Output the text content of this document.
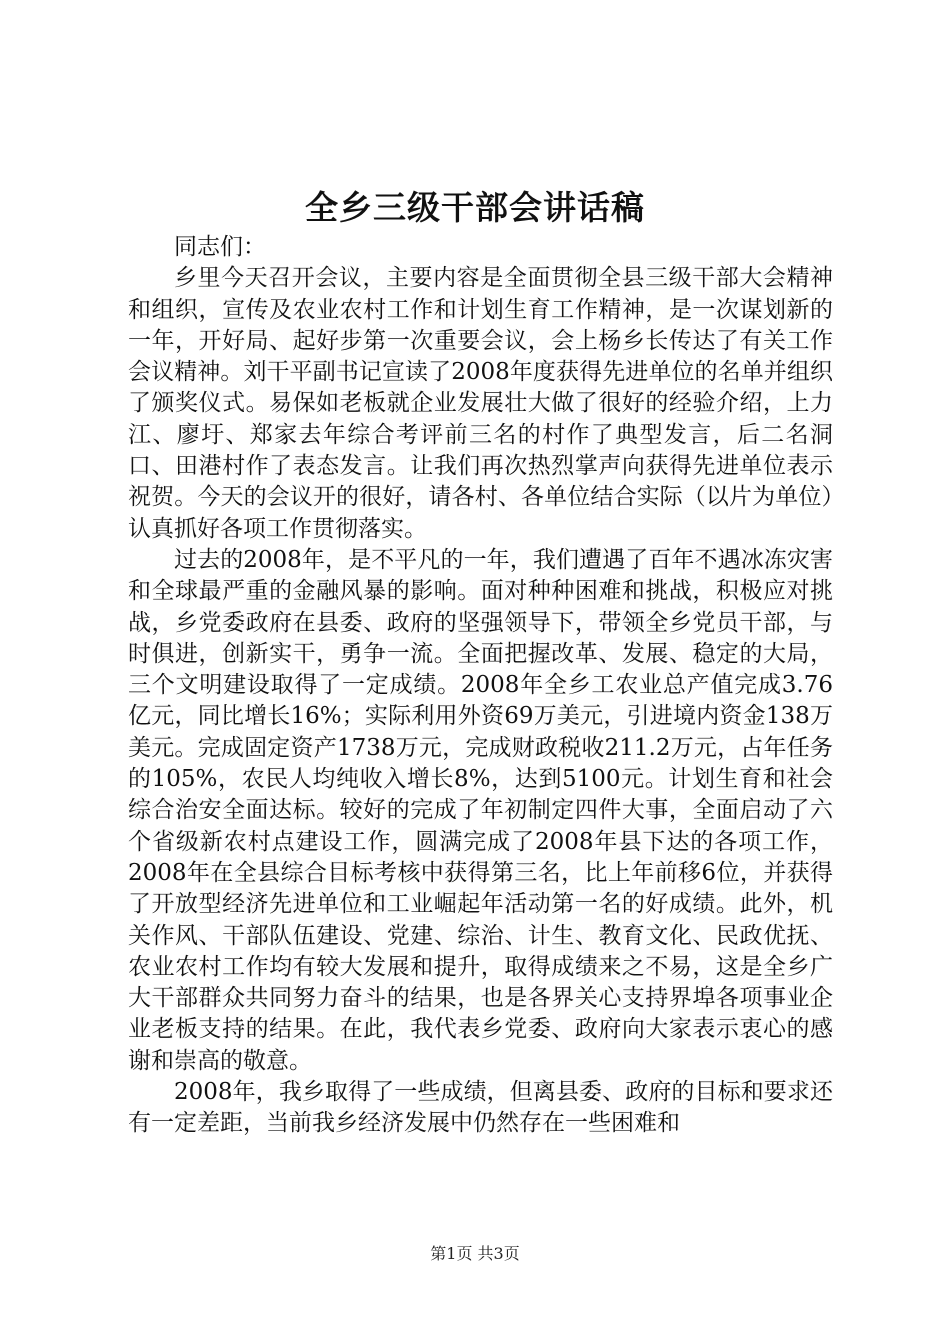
全乡三级干部会讲话稿

同志们：

乡里今天召开会议，主要内容是全面贯彻全县三级干部大会精神和组织，宣传及农业农村工作和计划生育工作精神，是一次谋划新的一年，开好局、起好步第一次重要会议，会上杨乡长传达了有关工作会议精神。刘干平副书记宣读了2008年度获得先进单位的名单并组织了颁奖仪式。易保如老板就企业发展壮大做了很好的经验介绍，上力江、廖圩、郑家去年综合考评前三名的村作了典型发言，后二名洞口、田港村作了表态发言。让我们再次热烈掌声向获得先进单位表示祝贺。今天的会议开的很好，请各村、各单位结合实际（以片为单位）认真抓好各项工作贯彻落实。

过去的2008年，是不平凡的一年，我们遭遇了百年不遇冰冻灾害和全球最严重的金融风暴的影响。面对种种困难和挑战，积极应对挑战，乡党委政府在县委、政府的坚强领导下，带领全乡党员干部，与时俱进，创新实干，勇争一流。全面把握改革、发展、稳定的大局，三个文明建设取得了一定成绩。2008年全乡工农业总产值完成3.76亿元，同比增长16%；实际利用外资69万美元，引进境内资金138万美元。完成固定资产1738万元，完成财政税收211.2万元，占年任务的105%，农民人均纯收入增长8%，达到5100元。计划生育和社会综合治安全面达标。较好的完成了年初制定四件大事，全面启动了六个省级新农村点建设工作，圆满完成了2008年县下达的各项工作，2008年在全县综合目标考核中获得第三名，比上年前移6位，并获得了开放型经济先进单位和工业崛起年活动第一名的好成绩。此外，机关作风、干部队伍建设、党建、综治、计生、教育文化、民政优抚、农业农村工作均有较大发展和提升，取得成绩来之不易，这是全乡广大干部群众共同努力奋斗的结果，也是各界关心支持界埠各项事业企业老板支持的结果。在此，我代表乡党委、政府向大家表示衷心的感谢和崇高的敬意。

2008年，我乡取得了一些成绩，但离县委、政府的目标和要求还有一定差距，当前我乡经济发展中仍然存在一些困难和

第1页 共3页
